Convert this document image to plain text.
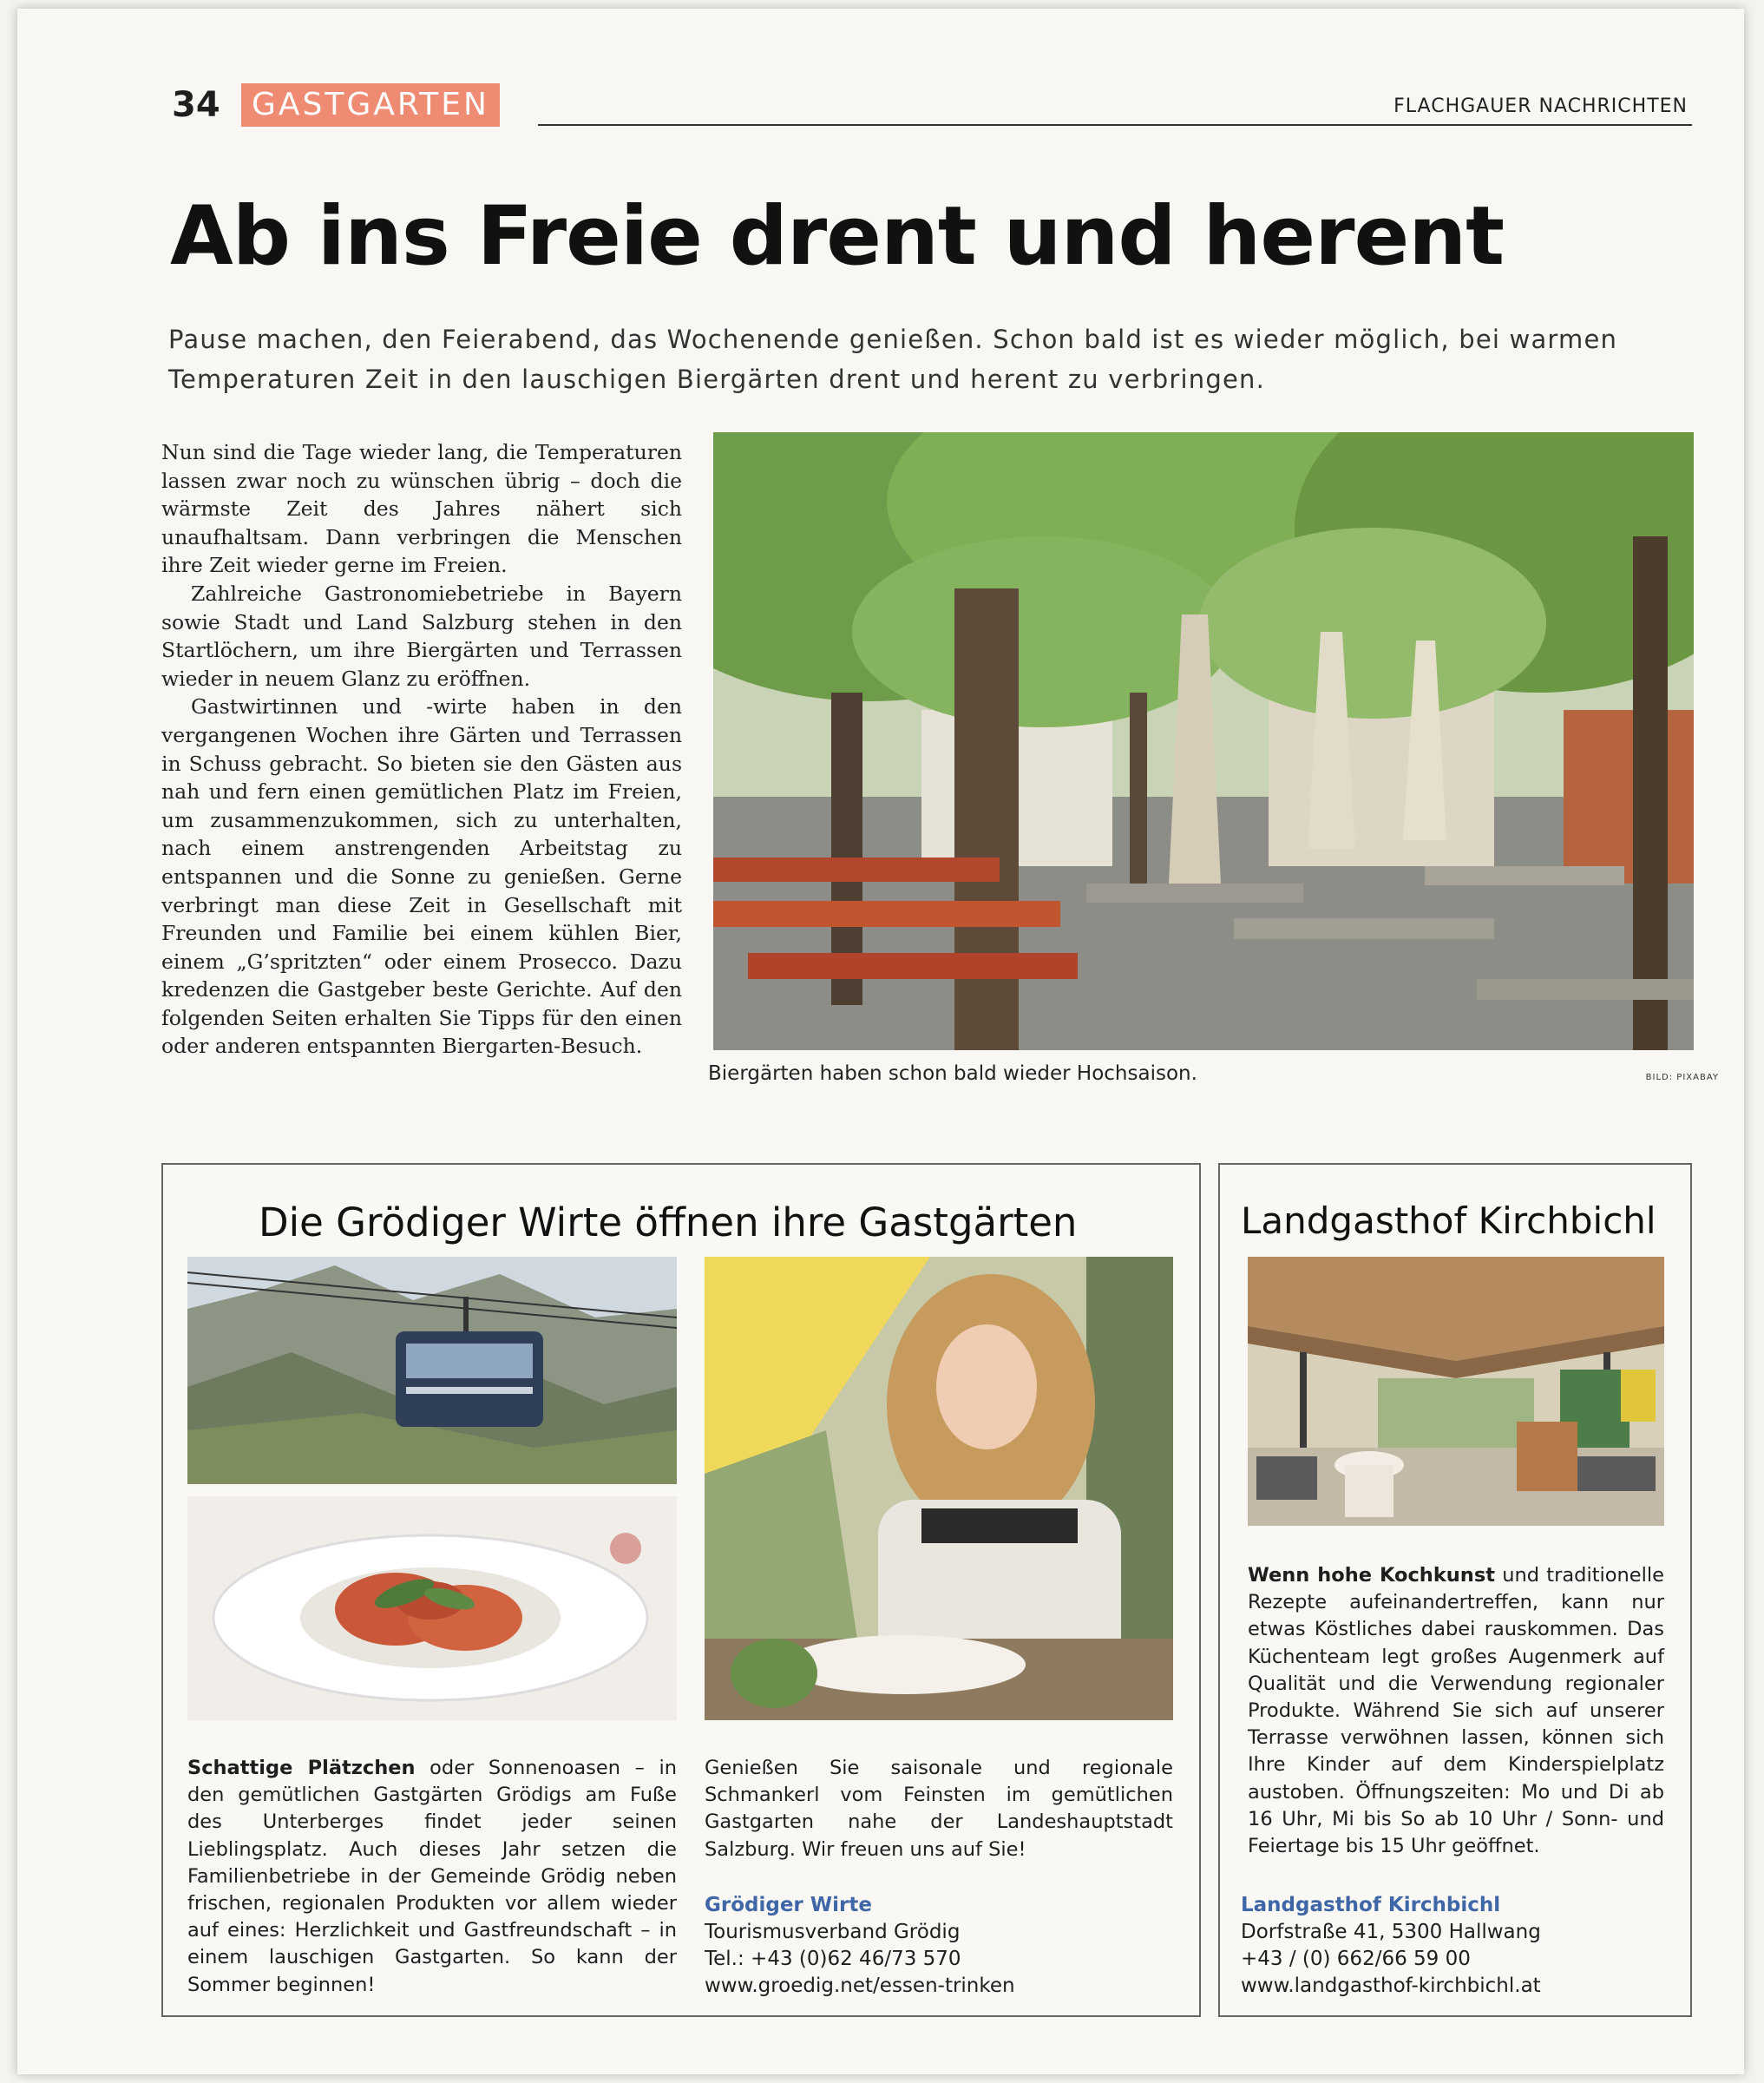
34	GASTGARTEN	FLACHGAUER NACHRICHTEN
Ab ins Freie drent und herent

Pause machen, den Feierabend, das Wochenende genießen. Schon bald ist es wieder möglich, bei warmen Temperaturen Zeit in den lauschigen Biergärten drent und herent zu verbringen.

Nun sind die Tage wieder lang, die Temperaturen lassen zwar noch zu wünschen übrig – doch die wärmste Zeit des Jahres nähert sich unaufhaltsam. Dann verbringen die Menschen ihre Zeit wieder gerne im Freien.

Zahlreiche Gastronomiebetriebe in Bayern sowie Stadt und Land Salzburg stehen in den Startlöchern, um ihre Biergärten und Terrassen wieder in neuem Glanz zu eröffnen.

Gastwirtinnen und -wirte haben in den vergangenen Wochen ihre Gärten und Terrassen in Schuss gebracht. So bieten sie den Gästen aus nah und fern einen gemütlichen Platz im Freien, um zusammenzukommen, sich zu unterhalten, nach einem anstrengenden Arbeitstag zu entspannen und die Sonne zu genießen. Gerne verbringt man diese Zeit in Gesellschaft mit Freunden und Familie bei einem kühlen Bier, einem „G’spritzten“ oder einem Prosecco. Dazu kredenzen die Gastgeber beste Gerichte. Auf den folgenden Seiten erhalten Sie Tipps für den einen oder anderen entspannten Biergarten-Besuch.

Biergärten haben schon bald wieder Hochsaison.	BILD: PIXABAY
Die Grödiger Wirte öffnen ihre Gastgärten
Schattige Plätzchen oder Sonnenoasen – in den gemütlichen Gastgärten Grödigs am Fuße des Unterberges findet jeder seinen Lieblingsplatz. Auch dieses Jahr setzen die Familienbetriebe in der Gemeinde Grödig neben frischen, regionalen Produkten vor allem wieder auf eines: Herzlichkeit und Gastfreundschaft – in einem lauschigen Gastgarten. So kann der Sommer beginnen!
Genießen Sie saisonale und regionale Schmankerl vom Feinsten im gemütlichen Gastgarten nahe der Landeshauptstadt Salzburg. Wir freuen uns auf Sie!
Grödiger Wirte
Tourismusverband Grödig
Tel.: +43 (0)62 46/73 570
www.groedig.net/essen-trinken
Landgasthof Kirchbichl
Wenn hohe Kochkunst und traditionelle Rezepte aufeinandertreffen, kann nur etwas Köstliches dabei rauskommen. Das Küchenteam legt großes Augenmerk auf Qualität und die Verwendung regionaler Produkte. Während Sie sich auf unserer Terrasse verwöhnen lassen, können sich Ihre Kinder auf dem Kinderspielplatz austoben. Öffnungszeiten: Mo und Di ab 16 Uhr, Mi bis So ab 10 Uhr / Sonn- und Feiertage bis 15 Uhr geöffnet.
Landgasthof Kirchbichl
Dorfstraße 41, 5300 Hallwang
+43 / (0) 662/66 59 00
www.landgasthof-kirchbichl.at
